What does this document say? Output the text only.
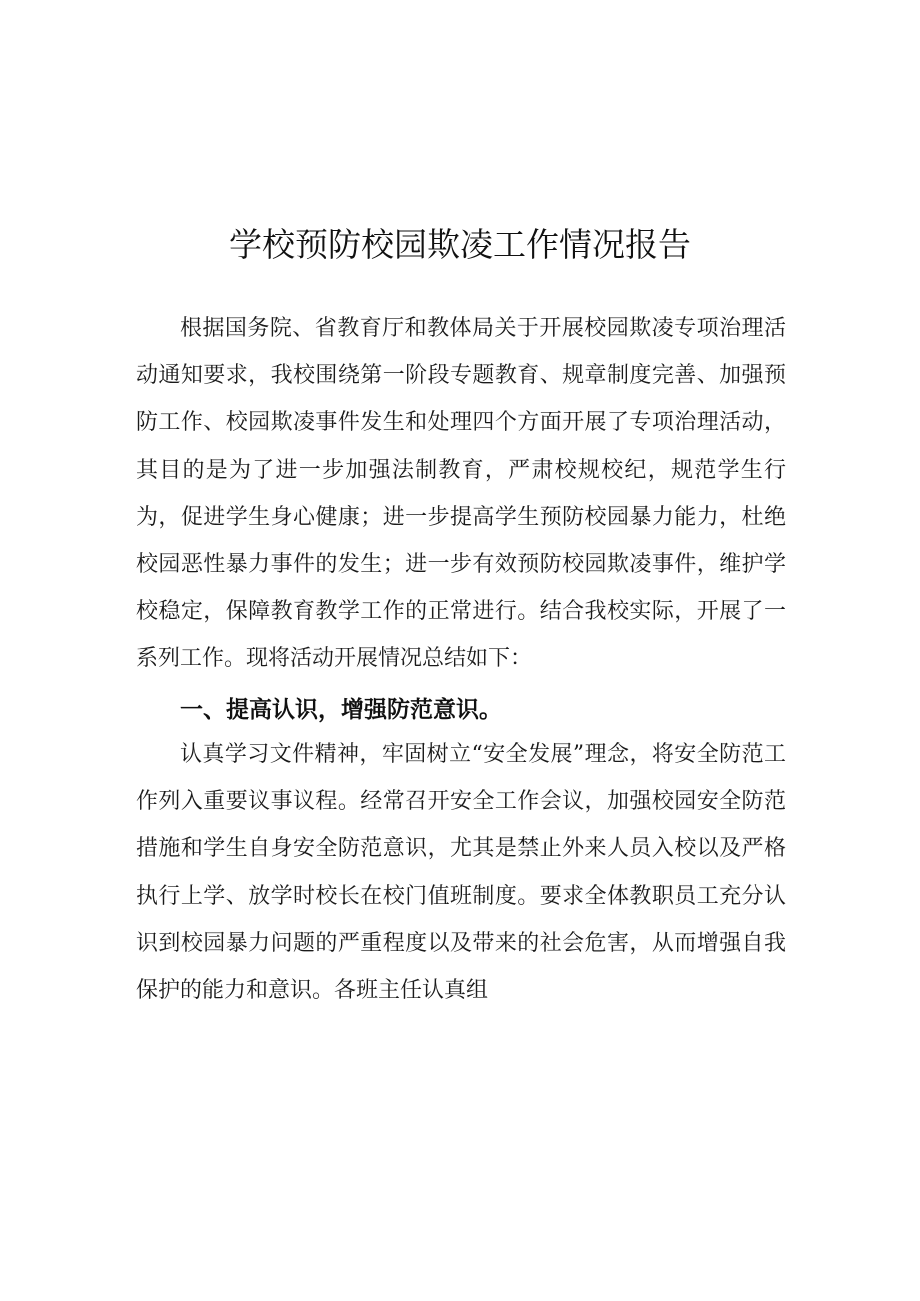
学校预防校园欺凌工作情况报告

根据国务院、省教育厅和教体局关于开展校园欺凌专项治理活动通知要求，我校围绕第一阶段专题教育、规章制度完善、加强预防工作、校园欺凌事件发生和处理四个方面开展了专项治理活动，其目的是为了进一步加强法制教育，严肃校规校纪，规范学生行为，促进学生身心健康；进一步提高学生预防校园暴力能力，杜绝校园恶性暴力事件的发生；进一步有效预防校园欺凌事件，维护学校稳定，保障教育教学工作的正常进行。结合我校实际，开展了一系列工作。现将活动开展情况总结如下：

一、提高认识，增强防范意识。

认真学习文件精神，牢固树立“安全发展”理念，将安全防范工作列入重要议事议程。经常召开安全工作会议，加强校园安全防范措施和学生自身安全防范意识，尤其是禁止外来人员入校以及严格执行上学、放学时校长在校门值班制度。要求全体教职员工充分认识到校园暴力问题的严重程度以及带来的社会危害，从而增强自我保护的能力和意识。各班主任认真组
